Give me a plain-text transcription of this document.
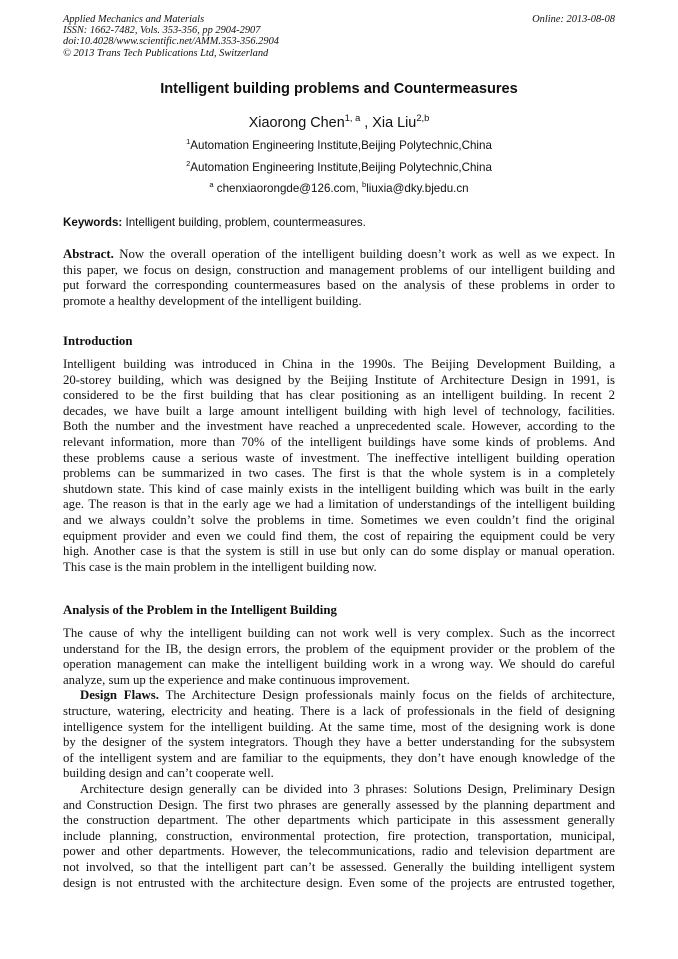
Applied Mechanics and Materials
ISSN: 1662-7482, Vols. 353-356, pp 2904-2907
doi:10.4028/www.scientific.net/AMM.353-356.2904
© 2013 Trans Tech Publications Ltd, Switzerland
Online: 2013-08-08
Intelligent building problems and Countermeasures
Xiaorong Chen$^{1, a}$ , Xia Liu$^{2,b}$
$^1$Automation Engineering Institute,Beijing Polytechnic,China
$^2$Automation Engineering Institute,Beijing Polytechnic,China
$^a$ chenxiaorongde@126.com, $^b$liuxia@dky.bjedu.cn
Keywords: Intelligent building, problem, countermeasures.
Abstract. Now the overall operation of the intelligent building doesn’t work as well as we expect. In
this paper, we focus on design, construction and management problems of our intelligent building and
put forward the corresponding countermeasures based on the analysis of these problems in order to
promote a healthy development of the intelligent building.
Introduction
Intelligent building was introduced in China in the 1990s. The Beijing Development Building, a
20-storey building, which was designed by the Beijing Institute of Architecture Design in 1991, is
considered to be the first building that has clear positioning as an intelligent building. In recent 2
decades, we have built a large amount intelligent building with high level of technology, facilities.
Both the number and the investment have reached a unprecedented scale. However, according to the
relevant information, more than 70% of the intelligent buildings have some kinds of problems. And
these problems cause a serious waste of investment. The ineffective intelligent building operation
problems can be summarized in two cases. The first is that the whole system is in a completely
shutdown state. This kind of case mainly exists in the intelligent building which was built in the early
age. The reason is that in the early age we had a limitation of understandings of the intelligent building
and we always couldn’t solve the problems in time. Sometimes we even couldn’t find the original
equipment provider and even we could find them, the cost of repairing the equipment could be very
high. Another case is that the system is still in use but only can do some display or manual operation.
This case is the main problem in the intelligent building now.
Analysis of the Problem in the Intelligent Building
The cause of why the intelligent building can not work well is very complex. Such as the incorrect
understand for the IB, the design errors, the problem of the equipment provider or the problem of the
operation management can make the intelligent building work in a wrong way. We should do careful
analyze, sum up the experience and make continuous improvement.
Design Flaws. The Architecture Design professionals mainly focus on the fields of architecture,
structure, watering, electricity and heating. There is a lack of professionals in the field of designing
intelligence system for the intelligent building. At the same time, most of the designing work is done
by the designer of the system integrators. Though they have a better understanding for the subsystem
of the intelligent system and are familiar to the equipments, they don’t have enough knowledge of the
building design and can’t cooperate well.
Architecture design generally can be divided into 3 phrases: Solutions Design, Preliminary Design
and Construction Design. The first two phrases are generally assessed by the planning department and
the construction department. The other departments which participate in this assessment generally
include planning, construction, environmental protection, fire protection, transportation, municipal,
power and other departments. However, the telecommunications, radio and television department are
not involved, so that the intelligent part can’t be assessed. Generally the building intelligent system
design is not entrusted with the architecture design. Even some of the projects are entrusted together,
